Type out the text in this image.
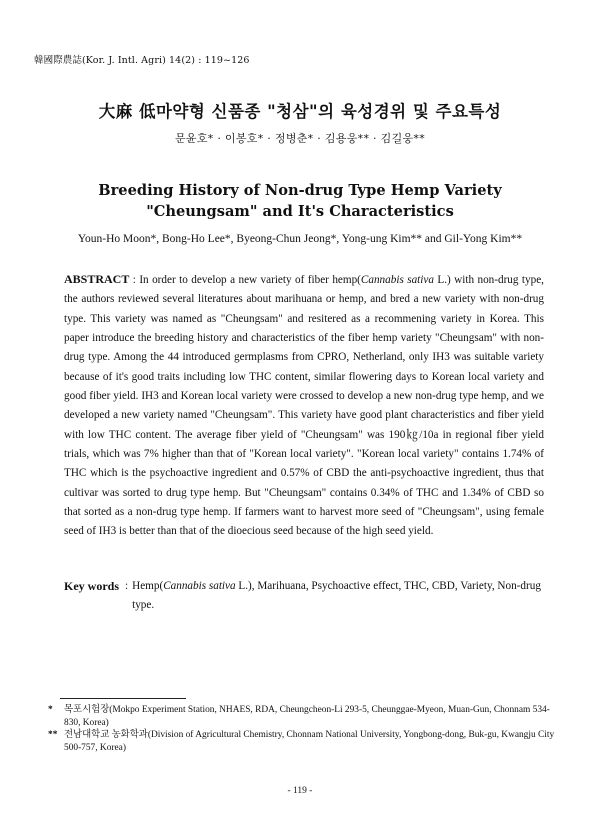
韓國際農誌(Kor. J. Intl. Agri) 14(2) : 119~126
大麻 低마약형 신품종 "청삼"의 육성경위 및 주요특성
문윤호* · 이봉호* · 정병춘* · 김용웅** · 김길웅**
Breeding History of Non-drug Type Hemp Variety
"Cheungsam" and It's Characteristics
Youn-Ho Moon*, Bong-Ho Lee*, Byeong-Chun Jeong*, Yong-ung Kim** and Gil-Yong Kim**

ABSTRACT : In order to develop a new variety of fiber hemp(Cannabis sativa L.) with non-drug type, the authors reviewed several literatures about marihuana or hemp, and bred a new variety with non-drug type. This variety was named as "Cheungsam" and resitered as a recommening variety in Korea. This paper introduce the breeding history and characteristics of the fiber hemp variety "Cheungsam" with non-drug type. Among the 44 introduced germplasms from CPRO, Netherland, only IH3 was suitable variety because of it's good traits including low THC content, similar flowering days to Korean local variety and good fiber yield. IH3 and Korean local variety were crossed to develop a new non-drug type hemp, and we developed a new variety named "Cheungsam". This variety have good plant characteristics and fiber yield with low THC content. The average fiber yield of "Cheungsam" was 190㎏/10a in regional fiber yield trials, which was 7% higher than that of "Korean local variety". "Korean local variety" contains 1.74% of THC which is the psychoactive ingredient and 0.57% of CBD the anti-psychoactive ingredient, thus that cultivar was sorted to drug type hemp. But "Cheungsam" contains 0.34% of THC and 1.34% of CBD so that sorted as a non-drug type hemp. If farmers want to harvest more seed of "Cheungsam", using female seed of IH3 is better than that of the dioecious seed because of the high seed yield.

Key words : Hemp(Cannabis sativa L.), Marihuana, Psychoactive effect, THC, CBD, Variety, Non-drug type.
*	목포시험장(Mokpo Experiment Station, NHAES, RDA, Cheungcheon-Li 293-5, Cheunggae-Myeon, Muan-Gun, Chonnam 534-830, Korea)
** 전남대학교 농화학과(Division of Agricultural Chemistry, Chonnam National University, Yongbong-dong, Buk-gu, Kwangju City 500-757, Korea)
- 119 -
